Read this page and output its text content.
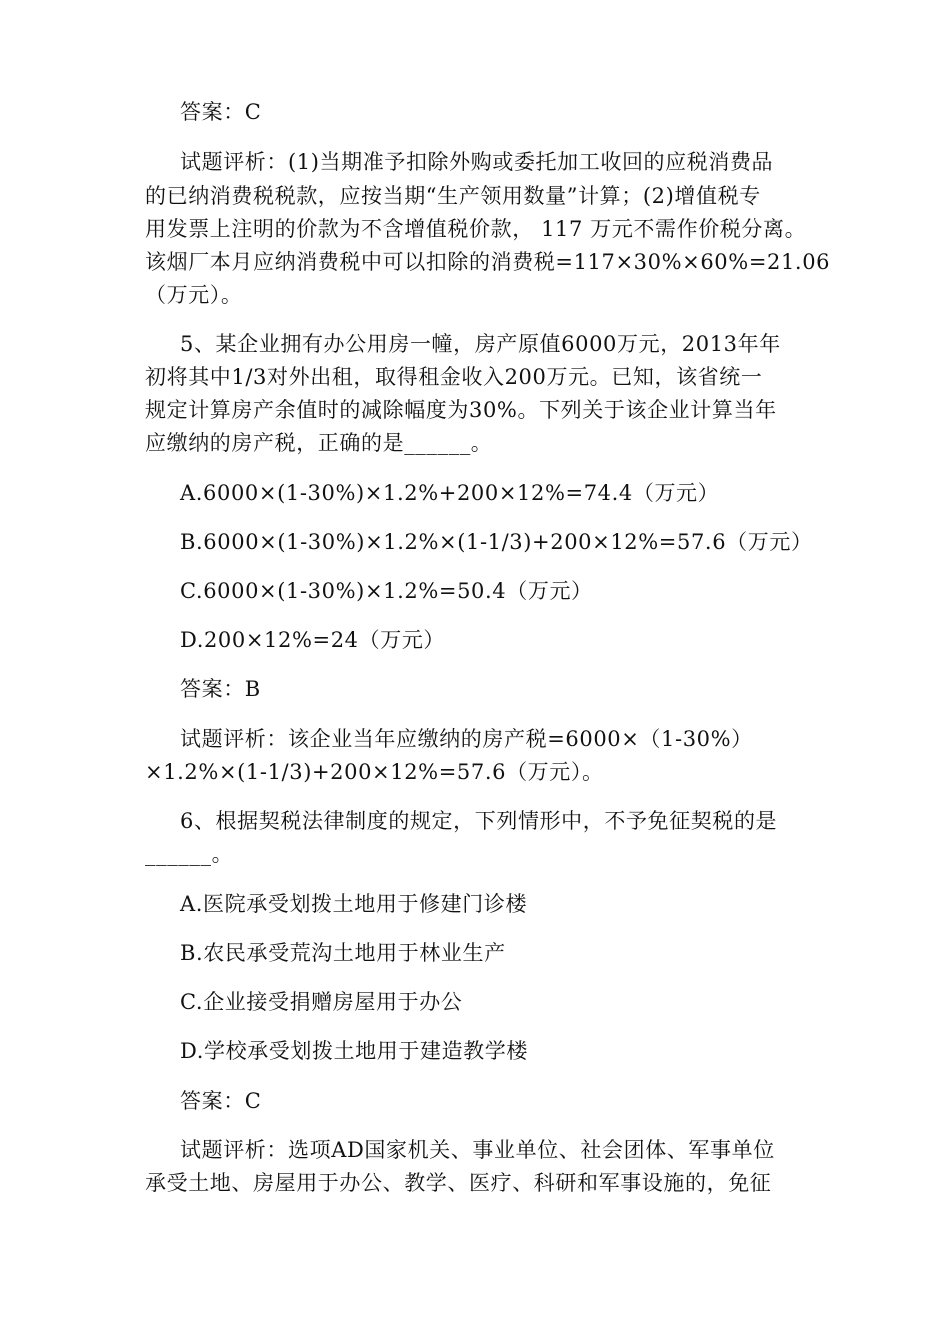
答案：C
试题评析：(1)当期准予扣除外购或委托加工收回的应税消费品
的已纳消费税税款，应按当期“生产领用数量”计算；(2)增值税专
用发票上注明的价款为不含增值税价款， 117 万元不需作价税分离。
该烟厂本月应纳消费税中可以扣除的消费税=117×30%×60%=21.06
（万元）。
5、某企业拥有办公用房一幢，房产原值6000万元，2013年年
初将其中1/3对外出租，取得租金收入200万元。已知，该省统一
规定计算房产余值时的减除幅度为30%。下列关于该企业计算当年
应缴纳的房产税，正确的是______。
A.6000×(1-30%)×1.2%+200×12%=74.4（万元）
B.6000×(1-30%)×1.2%×(1-1/3)+200×12%=57.6（万元）
C.6000×(1-30%)×1.2%=50.4（万元）
D.200×12%=24（万元）
答案：B
试题评析：该企业当年应缴纳的房产税=6000×（1-30%）
×1.2%×(1-1/3)+200×12%=57.6（万元）。
6、根据契税法律制度的规定，下列情形中，不予免征契税的是
______。
A.医院承受划拨土地用于修建门诊楼
B.农民承受荒沟土地用于林业生产
C.企业接受捐赠房屋用于办公
D.学校承受划拨土地用于建造教学楼
答案：C
试题评析：选项AD国家机关、事业单位、社会团体、军事单位
承受土地、房屋用于办公、教学、医疗、科研和军事设施的，免征
